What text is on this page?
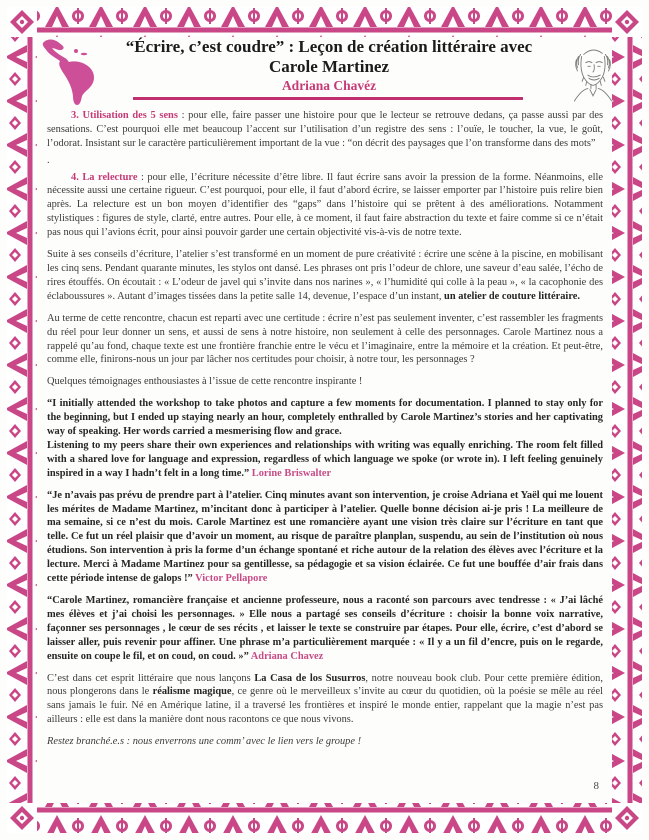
“Écrire, c’est coudre” : Leçon de création littéraire avec
Carole Martinez
Adriana Chavéz

3. Utilisation des 5 sens : pour elle, faire passer une histoire pour que le lecteur se retrouve dedans, ça passe aussi par des sensations. C’est pourquoi elle met beaucoup l’accent sur l’utilisation d’un registre des sens : l’ouïe, le toucher, la vue, le goût, l’odorat. Insistant sur le caractère particulièrement important de la vue : “on décrit des paysages que l’on transforme dans des mots”

.

4. La relecture : pour elle, l’écriture nécessite d’être libre. Il faut écrire sans avoir la pression de la forme. Néanmoins, elle nécessite aussi une certaine rigueur. C’est pourquoi, pour elle, il faut d’abord écrire, se laisser emporter par l’histoire puis relire bien après. La relecture est un bon moyen d’identifier des “gaps” dans l’histoire qui se prêtent à des améliorations. Notamment stylistiques : figures de style, clarté, entre autres. Pour elle, à ce moment, il faut faire abstraction du texte et faire comme si ce n’était pas nous qui l’avions écrit, pour ainsi pouvoir garder une certain objectivité vis-à-vis de notre texte.

Suite à ses conseils d’écriture, l’atelier s’est transformé en un moment de pure créativité : écrire une scène à la piscine, en mobilisant les cinq sens. Pendant quarante minutes, les stylos ont dansé. Les phrases ont pris l’odeur de chlore, une saveur d’eau salée, l’écho de rires étouffés. On écoutait : « L’odeur de javel qui s’invite dans nos narines », « l’humidité qui colle à la peau », « la cacophonie des éclaboussures ». Autant d’images tissées dans la petite salle 14, devenue, l’espace d’un instant, un atelier de couture littéraire.

Au terme de cette rencontre, chacun est reparti avec une certitude : écrire n’est pas seulement inventer, c’est rassembler les fragments du réel pour leur donner un sens, et aussi de sens à notre histoire, non seulement à celle des personnages. Carole Martinez nous a rappelé qu’au fond, chaque texte est une frontière franchie entre le vécu et l’imaginaire, entre la mémoire et la création. Et peut-être, comme elle, finirons-nous un jour par lâcher nos certitudes pour choisir, à notre tour, les personnages ?

Quelques témoignages enthousiastes à l’issue de cette rencontre inspirante !

“I initially attended the workshop to take photos and capture a few moments for documentation. I planned to stay only for the beginning, but I ended up staying nearly an hour, completely enthralled by Carole Martinez’s stories and her captivating way of speaking. Her words carried a mesmerising flow and grace.
Listening to my peers share their own experiences and relationships with writing was equally enriching. The room felt filled with a shared love for language and expression, regardless of which language we spoke (or wrote in). I left feeling genuinely inspired in a way I hadn’t felt in a long time.” Lorine Briswalter

“Je n’avais pas prévu de prendre part à l’atelier. Cinq minutes avant son intervention, je croise Adriana et Yaël qui me louent les mérites de Madame Martinez, m’incitant donc à participer à l’atelier. Quelle bonne décision ai-je pris ! La meilleure de ma semaine, si ce n’est du mois. Carole Martinez est une romancière ayant une vision très claire sur l’écriture en tant que telle. Ce fut un réel plaisir que d’avoir un moment, au risque de paraître planplan, suspendu, au sein de l’institution où nous étudions. Son intervention à pris la forme d’un échange spontané et riche autour de la relation des élèves avec l’écriture et la lecture. Merci à Madame Martinez pour sa gentillesse, sa pédagogie et sa vision éclairée. Ce fut une bouffée d’air frais dans cette période intense de galops !” Victor Pellapore

“Carole Martinez, romancière française et ancienne professeure, nous a raconté son parcours avec tendresse : « J’ai lâché mes élèves et j’ai choisi les personnages. » Elle nous a partagé ses conseils d’écriture : choisir la bonne voix narrative, façonner ses personnages , le cœur de ses récits , et laisser le texte se construire par étapes. Pour elle, écrire, c’est d’abord se laisser aller, puis revenir pour affiner. Une phrase m’a particulièrement marquée : « Il y a un fil d’encre, puis on le regarde, ensuite on coupe le fil, et on coud, on coud. »” Adriana Chavez

C’est dans cet esprit littéraire que nous lançons La Casa de los Susurros, notre nouveau book club. Pour cette première édition, nous plongerons dans le réalisme magique, ce genre où le merveilleux s’invite au cœur du quotidien, où la poésie se mêle au réel sans jamais le fuir. Né en Amérique latine, il a traversé les frontières et inspiré le monde entier, rappelant que la magie n’est pas ailleurs : elle est dans la manière dont nous racontons ce que nous vivons.

Restez branché.e.s : nous enverrons une comm’ avec le lien vers le groupe !

8
